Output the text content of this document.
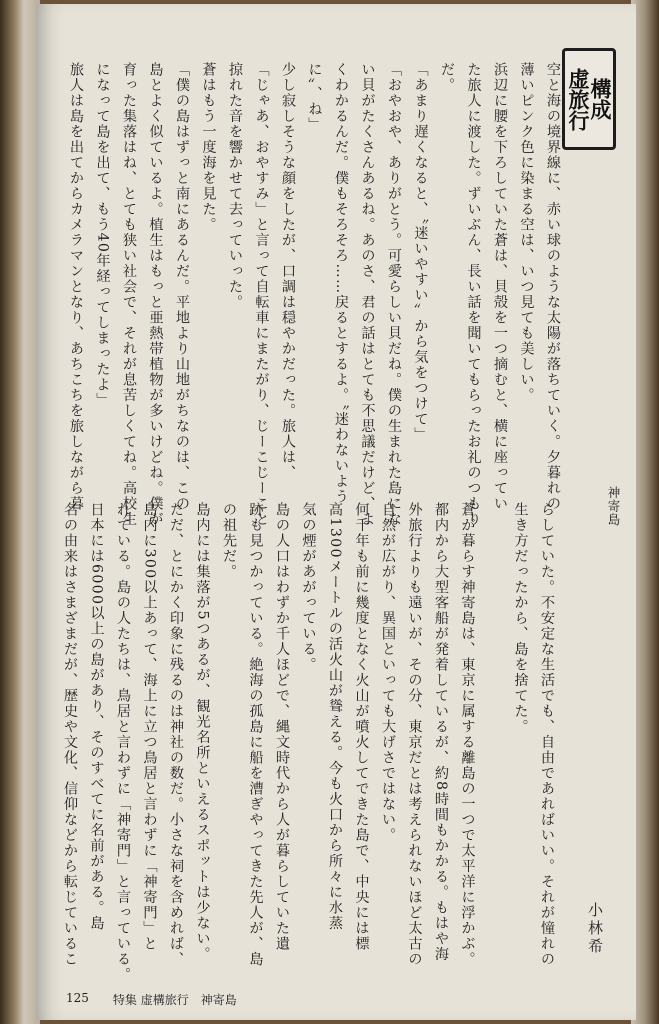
構成
虚旅行
空と海の境界線に、赤い球のような太陽が落ちていく。夕暮れの
薄いピンク色に染まる空は、いつ見ても美しい。
浜辺に腰を下ろしていた蒼は、貝殻を一つ摘むと、横に座ってい
た旅人に渡した。ずいぶん、長い話を聞いてもらったお礼のつもり
だ。
「あまり遅くなると、〝迷いやすい〟から気をつけて」
「おやおや、ありがとう。可愛らしい貝だね。僕の生まれた島にな
い貝がたくさんあるね。あのさ、君の話はとても不思議だけど、よ
くわかるんだ。僕もそろそろ……戻るとするよ。〝迷わないよう
に〟、ね」
少し寂しそうな顔をしたが、口調は穏やかだった。旅人は、
「じゃあ、おやすみ」と言って自転車にまたがり、じーこじーこと
掠れた音を響かせて去っていった。
蒼はもう一度海を見た。
「僕の島はずっと南にあるんだ。平地より山地がちなのは、この
島とよく似ているよ。植生はもっと亜熱帯植物が多いけどね。僕が
育った集落はね、とても狭い社会で、それが息苦しくてね。高校生
になって島を出て、もう40年経ってしまったよ」
旅人は島を出てからカメラマンとなり、あちこちを旅しながら暮	神寄島
らしていた。不安定な生活でも、自由であればいい。それが憧れの
生き方だったから、島を捨てた。

蒼が暮らす神寄島は、東京に属する離島の一つで太平洋に浮かぶ。
都内から大型客船が発着しているが、約8時間もかかる。もはや海
外旅行よりも遠いが、その分、東京だとは考えられないほど太古の
自然が広がり、異国といっても大げさではない。
何千年も前に幾度となく火山が噴火してできた島で、中央には標
高1300メートルの活火山が聳える。今も火口から所々に水蒸
気の煙があがっている。
島の人口はわずか千人ほどで、縄文時代から人が暮らしていた遺
跡も見つかっている。絶海の孤島に船を漕ぎやってきた先人が、島
の祖先だ。
島内には集落が5つあるが、観光名所といえるスポットは少ない。
ただ、とにかく印象に残るのは神社の数だ。小さな祠を含めれば、
島内に300以上あって、海上に立つ鳥居と言わずに「神寄門」と
れている。島の人たちは、鳥居と言わずに「神寄門」と言っている。
日本には6000以上の島があり、そのすべてに名前がある。島
名の由来はさまざまだが、歴史や文化、信仰などから転じているこ	小林希
125 特集 虚構旅行　神寄島
